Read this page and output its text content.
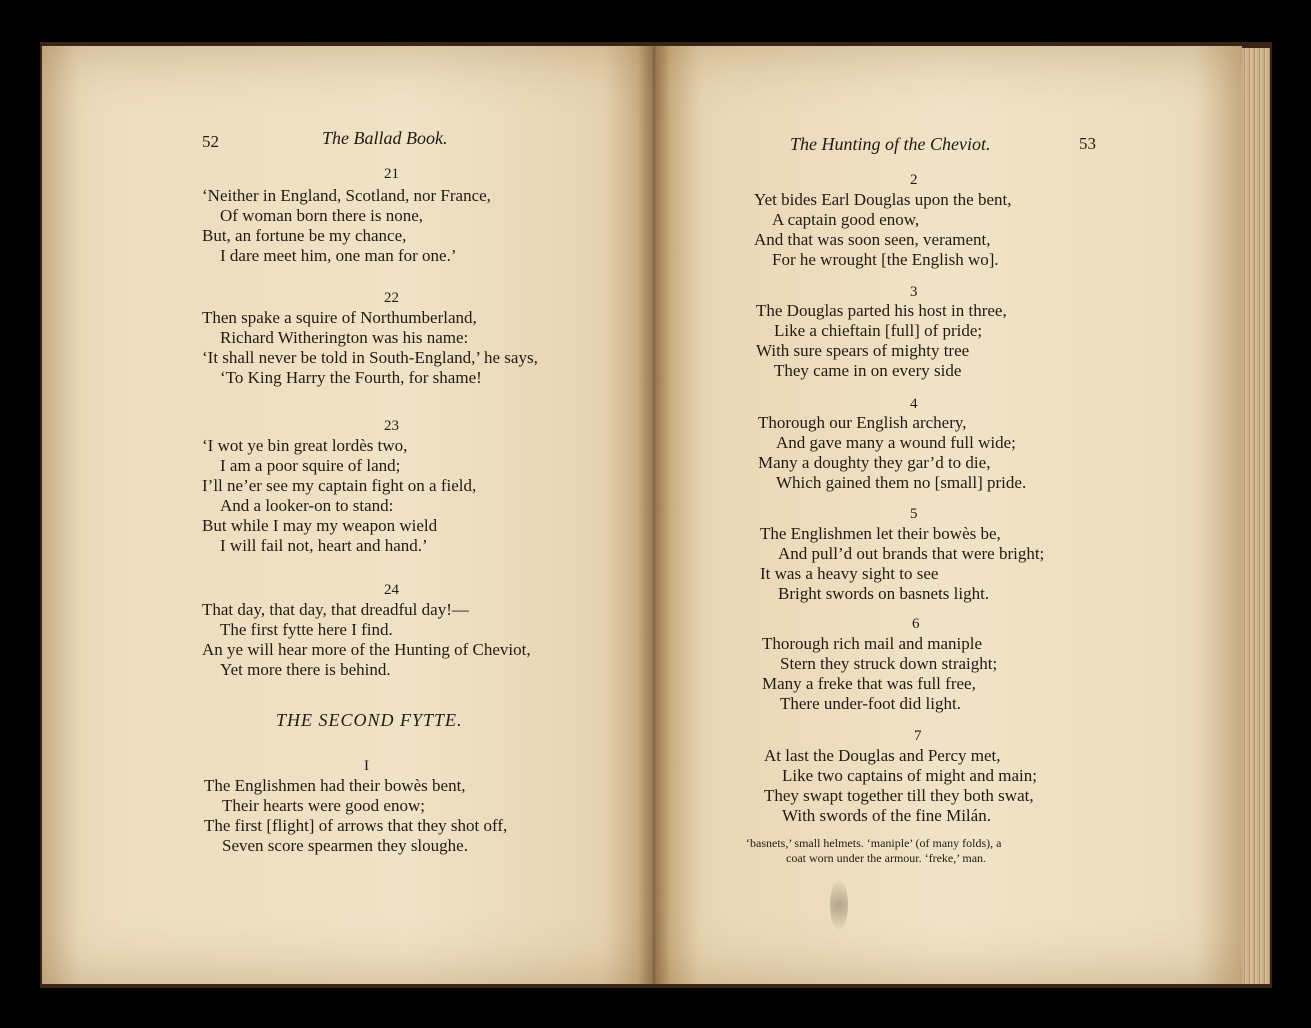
52	The Ballad Book.
21
‘Neither in England, Scotland, nor France,
Of woman born there is none,
But, an fortune be my chance,
I dare meet him, one man for one.’
22
Then spake a squire of Northumberland,
Richard Witherington was his name:
‘It shall never be told in South-England,’ he says,
‘To King Harry the Fourth, for shame!
23
‘I wot ye bin great lordès two,
I am a poor squire of land;
I’ll ne’er see my captain fight on a field,
And a looker-on to stand:
But while I may my weapon wield
I will fail not, heart and hand.’
24
That day, that day, that dreadful day!—
The first fytte here I find.
An ye will hear more of the Hunting of Cheviot,
Yet more there is behind.
THE SECOND FYTTE.
I
The Englishmen had their bowès bent,
Their hearts were good enow;
The first [flight] of arrows that they shot off,
Seven score spearmen they sloughe.
The Hunting of the Cheviot.	53
2
Yet bides Earl Douglas upon the bent,
A captain good enow,
And that was soon seen, verament,
For he wrought [the English wo].
3
The Douglas parted his host in three,
Like a chieftain [full] of pride;
With sure spears of mighty tree
They came in on every side
4
Thorough our English archery,
And gave many a wound full wide;
Many a doughty they gar’d to die,
Which gained them no [small] pride.
5
The Englishmen let their bowès be,
And pull’d out brands that were bright;
It was a heavy sight to see
Bright swords on basnets light.
6
Thorough rich mail and maniple
Stern they struck down straight;
Many a freke that was full free,
There under-foot did light.
7
At last the Douglas and Percy met,
Like two captains of might and main;
They swapt together till they both swat,
With swords of the fine Milán.
‘basnets,’ small helmets. ‘maniple’ (of many folds), a
coat worn under the armour. ‘freke,’ man.
